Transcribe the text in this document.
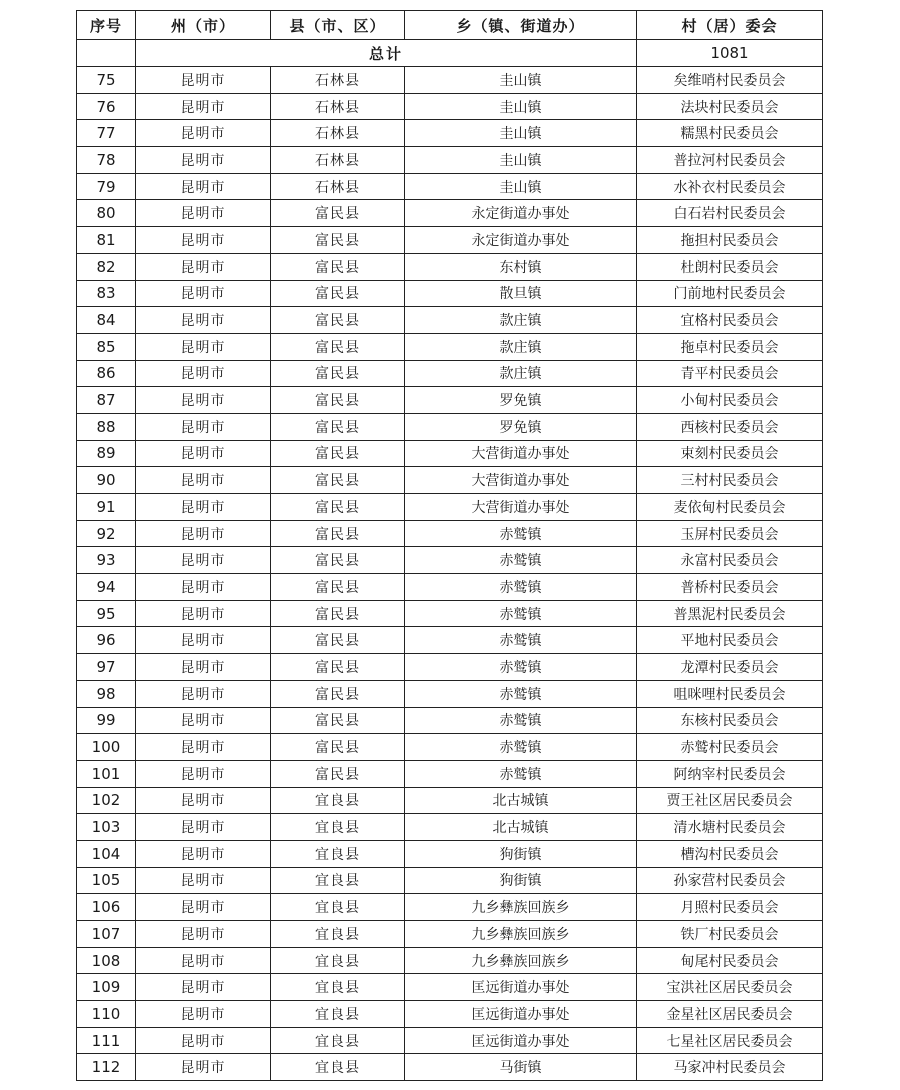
序号	州（市）	县（市、区）	乡（镇、街道办）	村（居）委会
	总计			1081
75	昆明市	石林县	圭山镇	矣维哨村民委员会
76	昆明市	石林县	圭山镇	法块村民委员会
77	昆明市	石林县	圭山镇	糯黑村民委员会
78	昆明市	石林县	圭山镇	普拉河村民委员会
79	昆明市	石林县	圭山镇	水补衣村民委员会
80	昆明市	富民县	永定街道办事处	白石岩村民委员会
81	昆明市	富民县	永定街道办事处	拖担村民委员会
82	昆明市	富民县	东村镇	杜朗村民委员会
83	昆明市	富民县	散旦镇	门前地村民委员会
84	昆明市	富民县	款庄镇	宜格村民委员会
85	昆明市	富民县	款庄镇	拖卓村民委员会
86	昆明市	富民县	款庄镇	青平村民委员会
87	昆明市	富民县	罗免镇	小甸村民委员会
88	昆明市	富民县	罗免镇	西核村民委员会
89	昆明市	富民县	大营街道办事处	束刻村民委员会
90	昆明市	富民县	大营街道办事处	三村村民委员会
91	昆明市	富民县	大营街道办事处	麦依甸村民委员会
92	昆明市	富民县	赤鹫镇	玉屏村民委员会
93	昆明市	富民县	赤鹫镇	永富村民委员会
94	昆明市	富民县	赤鹫镇	普桥村民委员会
95	昆明市	富民县	赤鹫镇	普黑泥村民委员会
96	昆明市	富民县	赤鹫镇	平地村民委员会
97	昆明市	富民县	赤鹫镇	龙潭村民委员会
98	昆明市	富民县	赤鹫镇	咀咪哩村民委员会
99	昆明市	富民县	赤鹫镇	东核村民委员会
100	昆明市	富民县	赤鹫镇	赤鹫村民委员会
101	昆明市	富民县	赤鹫镇	阿纳宰村民委员会
102	昆明市	宜良县	北古城镇	贾王社区居民委员会
103	昆明市	宜良县	北古城镇	清水塘村民委员会
104	昆明市	宜良县	狗街镇	槽沟村民委员会
105	昆明市	宜良县	狗街镇	孙家营村民委员会
106	昆明市	宜良县	九乡彝族回族乡	月照村民委员会
107	昆明市	宜良县	九乡彝族回族乡	铁厂村民委员会
108	昆明市	宜良县	九乡彝族回族乡	甸尾村民委员会
109	昆明市	宜良县	匡远街道办事处	宝洪社区居民委员会
110	昆明市	宜良县	匡远街道办事处	金星社区居民委员会
111	昆明市	宜良县	匡远街道办事处	七星社区居民委员会
112	昆明市	宜良县	马街镇	马家冲村民委员会
